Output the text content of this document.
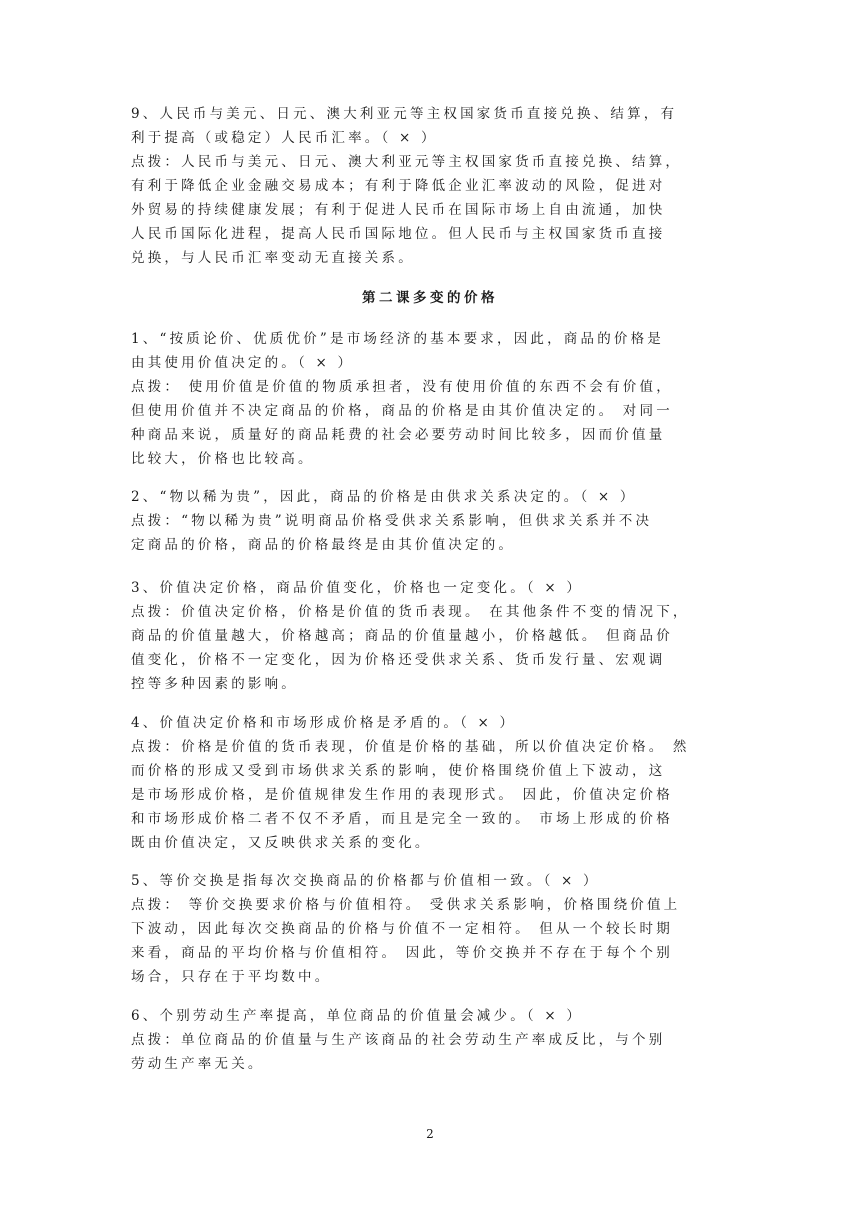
9、人民币与美元、日元、澳大利亚元等主权国家货币直接兑换、结算，有
利于提高（或稳定）人民币汇率。（ × ）
点拨：人民币与美元、日元、澳大利亚元等主权国家货币直接兑换、结算，
有利于降低企业金融交易成本；有利于降低企业汇率波动的风险，促进对
外贸易的持续健康发展；有利于促进人民币在国际市场上自由流通，加快
人民币国际化进程，提高人民币国际地位。但人民币与主权国家货币直接
兑换，与人民币汇率变动无直接关系。
第二课多变的价格
1、“按质论价、优质优价”是市场经济的基本要求，因此，商品的价格是
由其使用价值决定的。（ × ）
点拨： 使用价值是价值的物质承担者，没有使用价值的东西不会有价值，
但使用价值并不决定商品的价格，商品的价格是由其价值决定的。 对同一
种商品来说，质量好的商品耗费的社会必要劳动时间比较多，因而价值量
比较大，价格也比较高。
2、“物以稀为贵”，因此，商品的价格是由供求关系决定的。（ × ）
点拨：“物以稀为贵”说明商品价格受供求关系影响，但供求关系并不决
定商品的价格，商品的价格最终是由其价值决定的。
3、价值决定价格，商品价值变化，价格也一定变化。（ × ）
点拨：价值决定价格，价格是价值的货币表现。 在其他条件不变的情况下，
商品的价值量越大，价格越高；商品的价值量越小，价格越低。 但商品价
值变化，价格不一定变化，因为价格还受供求关系、货币发行量、宏观调
控等多种因素的影响。
4、价值决定价格和市场形成价格是矛盾的。（ × ）
点拨：价格是价值的货币表现，价值是价格的基础，所以价值决定价格。 然
而价格的形成又受到市场供求关系的影响，使价格围绕价值上下波动，这
是市场形成价格，是价值规律发生作用的表现形式。 因此，价值决定价格
和市场形成价格二者不仅不矛盾，而且是完全一致的。 市场上形成的价格
既由价值决定，又反映供求关系的变化。
5、等价交换是指每次交换商品的价格都与价值相一致。（ × ）
点拨： 等价交换要求价格与价值相符。 受供求关系影响，价格围绕价值上
下波动，因此每次交换商品的价格与价值不一定相符。 但从一个较长时期
来看，商品的平均价格与价值相符。 因此，等价交换并不存在于每个个别
场合，只存在于平均数中。
6、个别劳动生产率提高，单位商品的价值量会减少。（ × ）
点拨：单位商品的价值量与生产该商品的社会劳动生产率成反比，与个别
劳动生产率无关。
2
